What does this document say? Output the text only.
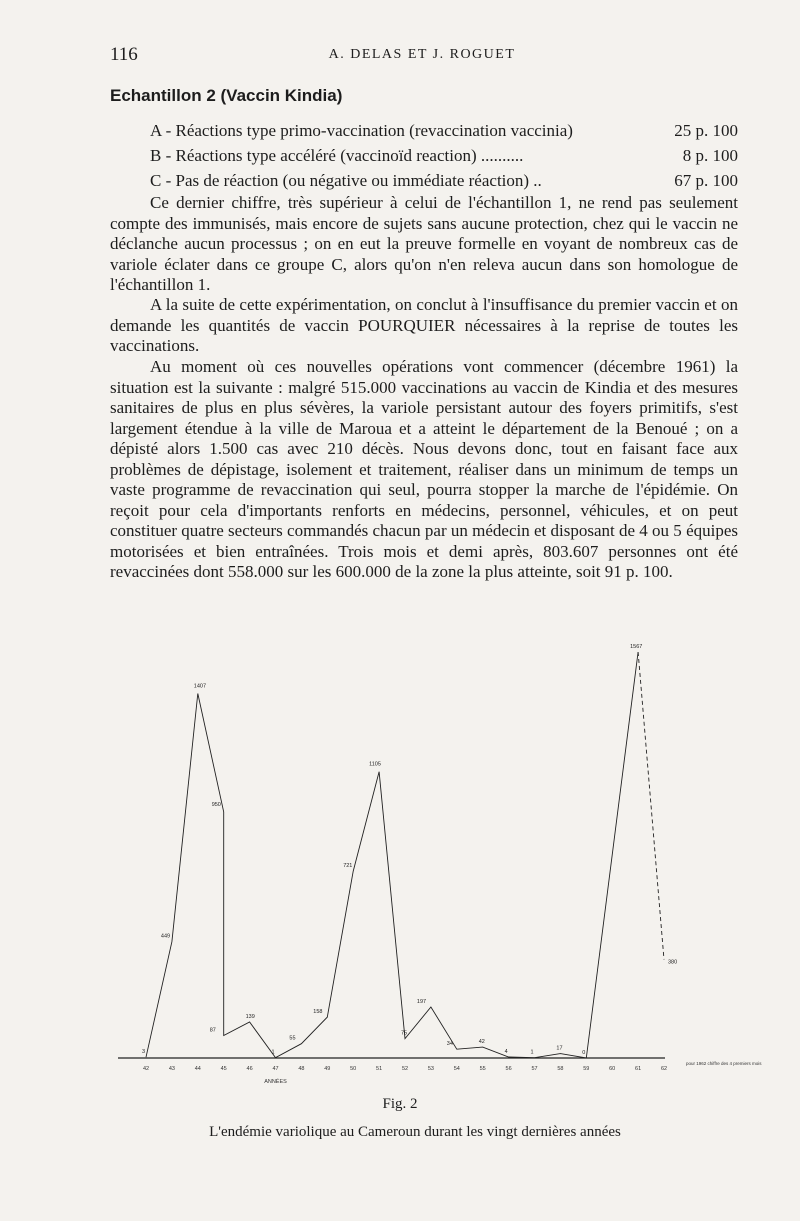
116	A. DELAS ET J. ROGUET
Echantillon 2 (Vaccin Kindia)
A - Réactions type primo-vaccination (revaccination vaccinia)	25 p. 100
B - Réactions type accéléré (vaccinoïd reaction) ..........	8 p. 100
C - Pas de réaction (ou négative ou immédiate réaction) ..	67 p. 100

Ce dernier chiffre, très supérieur à celui de l'échantillon 1, ne rend pas seulement compte des immunisés, mais encore de sujets sans aucune protection, chez qui le vaccin ne déclanche aucun processus ; on en eut la preuve formelle en voyant de nombreux cas de variole éclater dans ce groupe C, alors qu'on n'en releva aucun dans son homologue de l'échantillon 1.

A la suite de cette expérimentation, on conclut à l'insuffisance du premier vaccin et on demande les quantités de vaccin POURQUIER nécessaires à la reprise de toutes les vaccinations.

Au moment où ces nouvelles opérations vont commencer (décembre 1961) la situation est la suivante : malgré 515.000 vaccinations au vaccin de Kindia et des mesures sanitaires de plus en plus sévères, la variole persistant autour des foyers primitifs, s'est largement étendue à la ville de Maroua et a atteint le département de la Benoué ; on a dépisté alors 1.500 cas avec 210 décès. Nous devons donc, tout en faisant face aux problèmes de dépistage, isolement et traitement, réaliser dans un minimum de temps un vaste programme de revaccination qui seul, pourra stopper la marche de l'épidémie. On reçoit pour cela d'importants renforts en médecins, personnel, véhicules, et on peut constituer quatre secteurs commandés chacun par un médecin et disposant de 4 ou 5 équipes motorisées et bien entraînées. Trois mois et demi après, 803.607 personnes ont été revaccinées dont 558.000 sur les 600.000 de la zone la plus atteinte, soit 91 p. 100.

42	43	44	45	46	47	48	49	50	51	52	53	54	55	56	57	58	59	60	61	62
ANNÉES
pour 1962 chiffre des 4 premiers mois
3
449
1407
950
87
139
1
55
158
721
1105
75
197
34	42
4	1
17
0
1567
380
Fig. 2
L'endémie variolique au Cameroun durant les vingt dernières années
